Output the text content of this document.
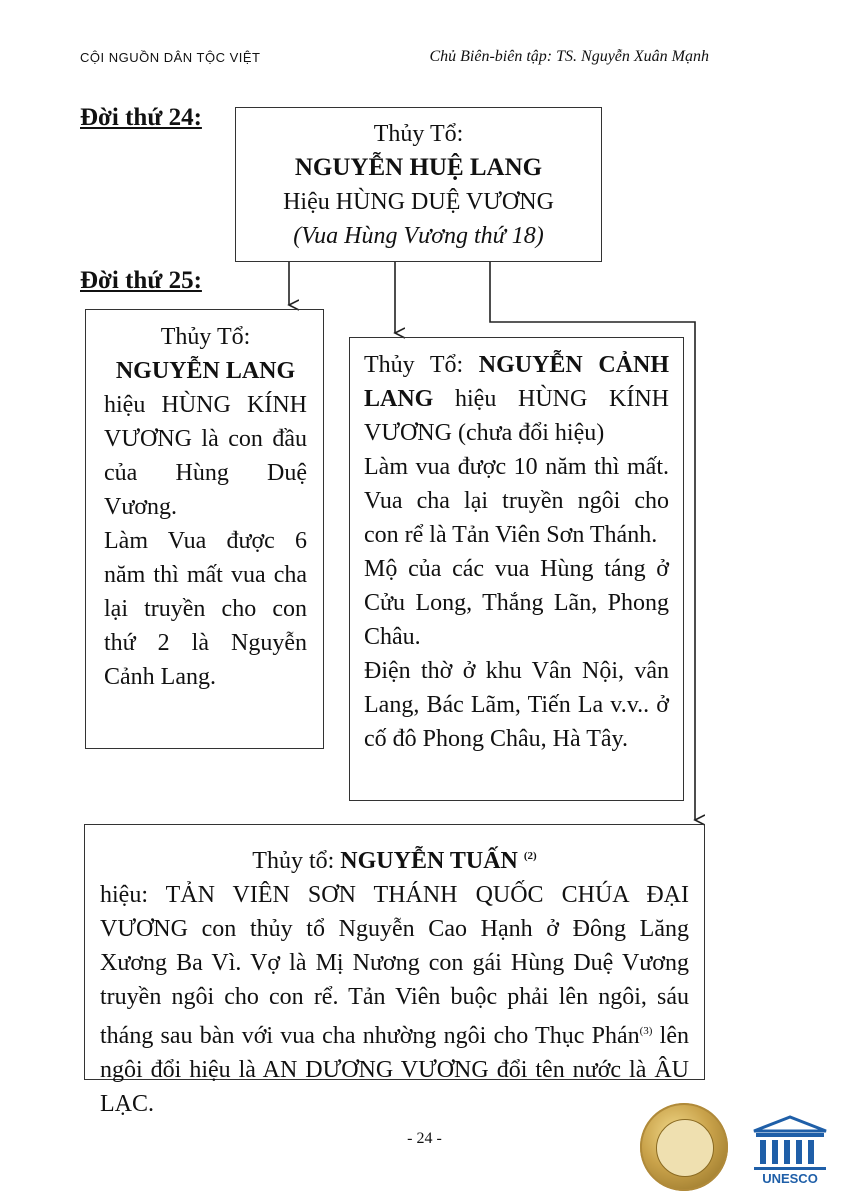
CỘI NGUỒN DÂN TỘC VIỆT	Chủ Biên-biên tập: TS. Nguyễn Xuân Mạnh
Đời thứ 24:
Đời thứ 25:
Thủy Tổ:
NGUYỄN HUỆ LANG
Hiệu HÙNG DUỆ VƯƠNG
(Vua Hùng Vương thứ 18)

Thủy Tổ:

NGUYỄN LANG

hiệu HÙNG KÍNH VƯƠNG là con đầu của Hùng Duệ Vương.

Làm Vua được 6 năm thì mất vua cha lại truyền cho con thứ 2 là Nguyễn Cảnh Lang.

Thủy Tổ: NGUYỄN CẢNH LANG hiệu HÙNG KÍNH VƯƠNG (chưa đổi hiệu)

Làm vua được 10 năm thì mất. Vua cha lại truyền ngôi cho con rể là Tản Viên Sơn Thánh.

Mộ của các vua Hùng táng ở Cửu Long, Thắng Lãn, Phong Châu.

Điện thờ ở khu Vân Nội, vân Lang, Bác Lãm, Tiến La v.v.. ở cố đô Phong Châu, Hà Tây.

Thủy tổ: NGUYỄN TUẤN $^{(2)}$

hiệu: TẢN VIÊN SƠN THÁNH QUỐC CHÚA ĐẠI VƯƠNG con thủy tổ Nguyễn Cao Hạnh ở Đông Lăng Xương Ba Vì. Vợ là Mị Nương con gái Hùng Duệ Vương truyền ngôi cho con rể. Tản Viên buộc phải lên ngôi, sáu tháng sau bàn với vua cha nhường ngôi cho Thục Phán$^{(3)}$ lên ngôi đổi hiệu là AN DƯƠNG VƯƠNG đổi tên nước là ÂU LẠC.

- 24 -
UNESCO
